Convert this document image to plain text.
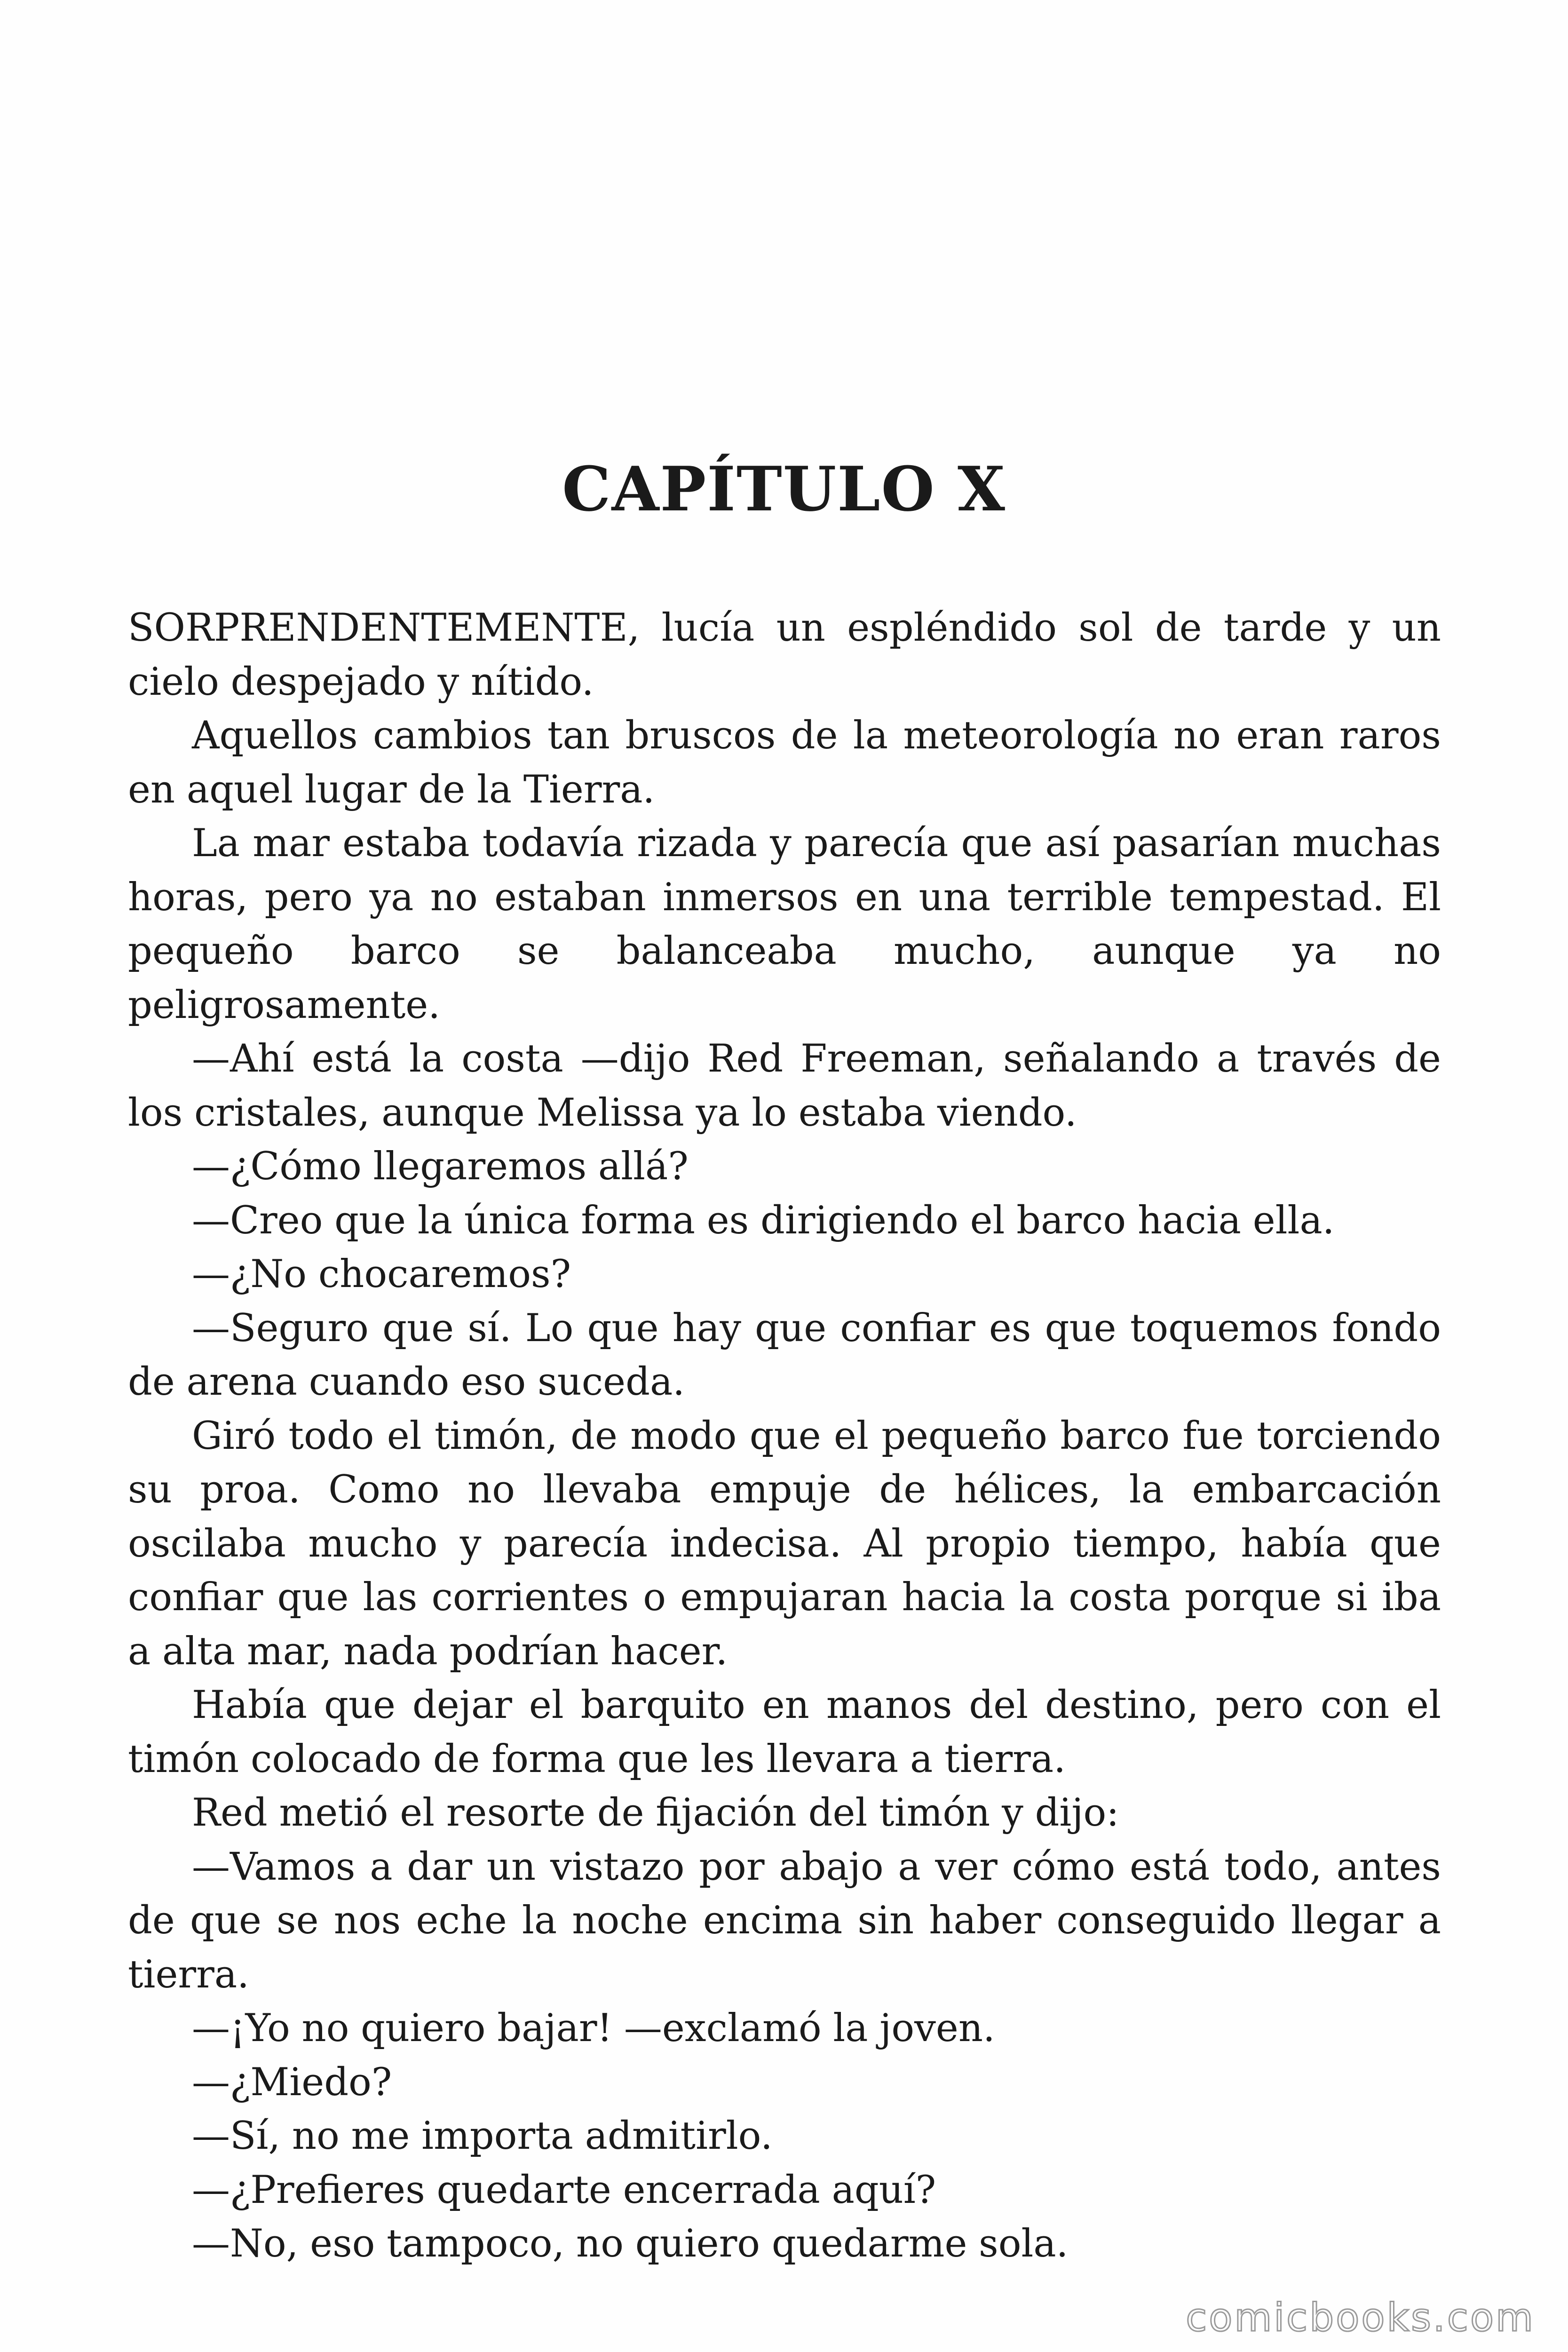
CAPÍTULO X

SORPRENDENTEMENTE, lucía un espléndido sol de tarde y un cielo despejado y nítido.

Aquellos cambios tan bruscos de la meteorología no eran raros en aquel lugar de la Tierra.

La mar estaba todavía rizada y parecía que así pasarían muchas horas, pero ya no estaban inmersos en una terrible tempestad. El pequeño barco se balanceaba mucho, aunque ya no peligrosamente.

—Ahí está la costa —dijo Red Freeman, señalando a través de los cristales, aunque Melissa ya lo estaba viendo.

—¿Cómo llegaremos allá?

—Creo que la única forma es dirigiendo el barco hacia ella.

—¿No chocaremos?

—Seguro que sí. Lo que hay que confiar es que toquemos fondo de arena cuando eso suceda.

Giró todo el timón, de modo que el pequeño barco fue torciendo su proa. Como no llevaba empuje de hélices, la embarcación oscilaba mucho y parecía indecisa. Al propio tiempo, había que confiar que las corrientes o empujaran hacia la costa porque si iba a alta mar, nada podrían hacer.

Había que dejar el barquito en manos del destino, pero con el timón colocado de forma que les llevara a tierra.

Red metió el resorte de fijación del timón y dijo:

—Vamos a dar un vistazo por abajo a ver cómo está todo, antes de que se nos eche la noche encima sin haber conseguido llegar a tierra.

—¡Yo no quiero bajar! —exclamó la joven.

—¿Miedo?

—Sí, no me importa admitirlo.

—¿Prefieres quedarte encerrada aquí?

—No, eso tampoco, no quiero quedarme sola.

comicbooks.com
